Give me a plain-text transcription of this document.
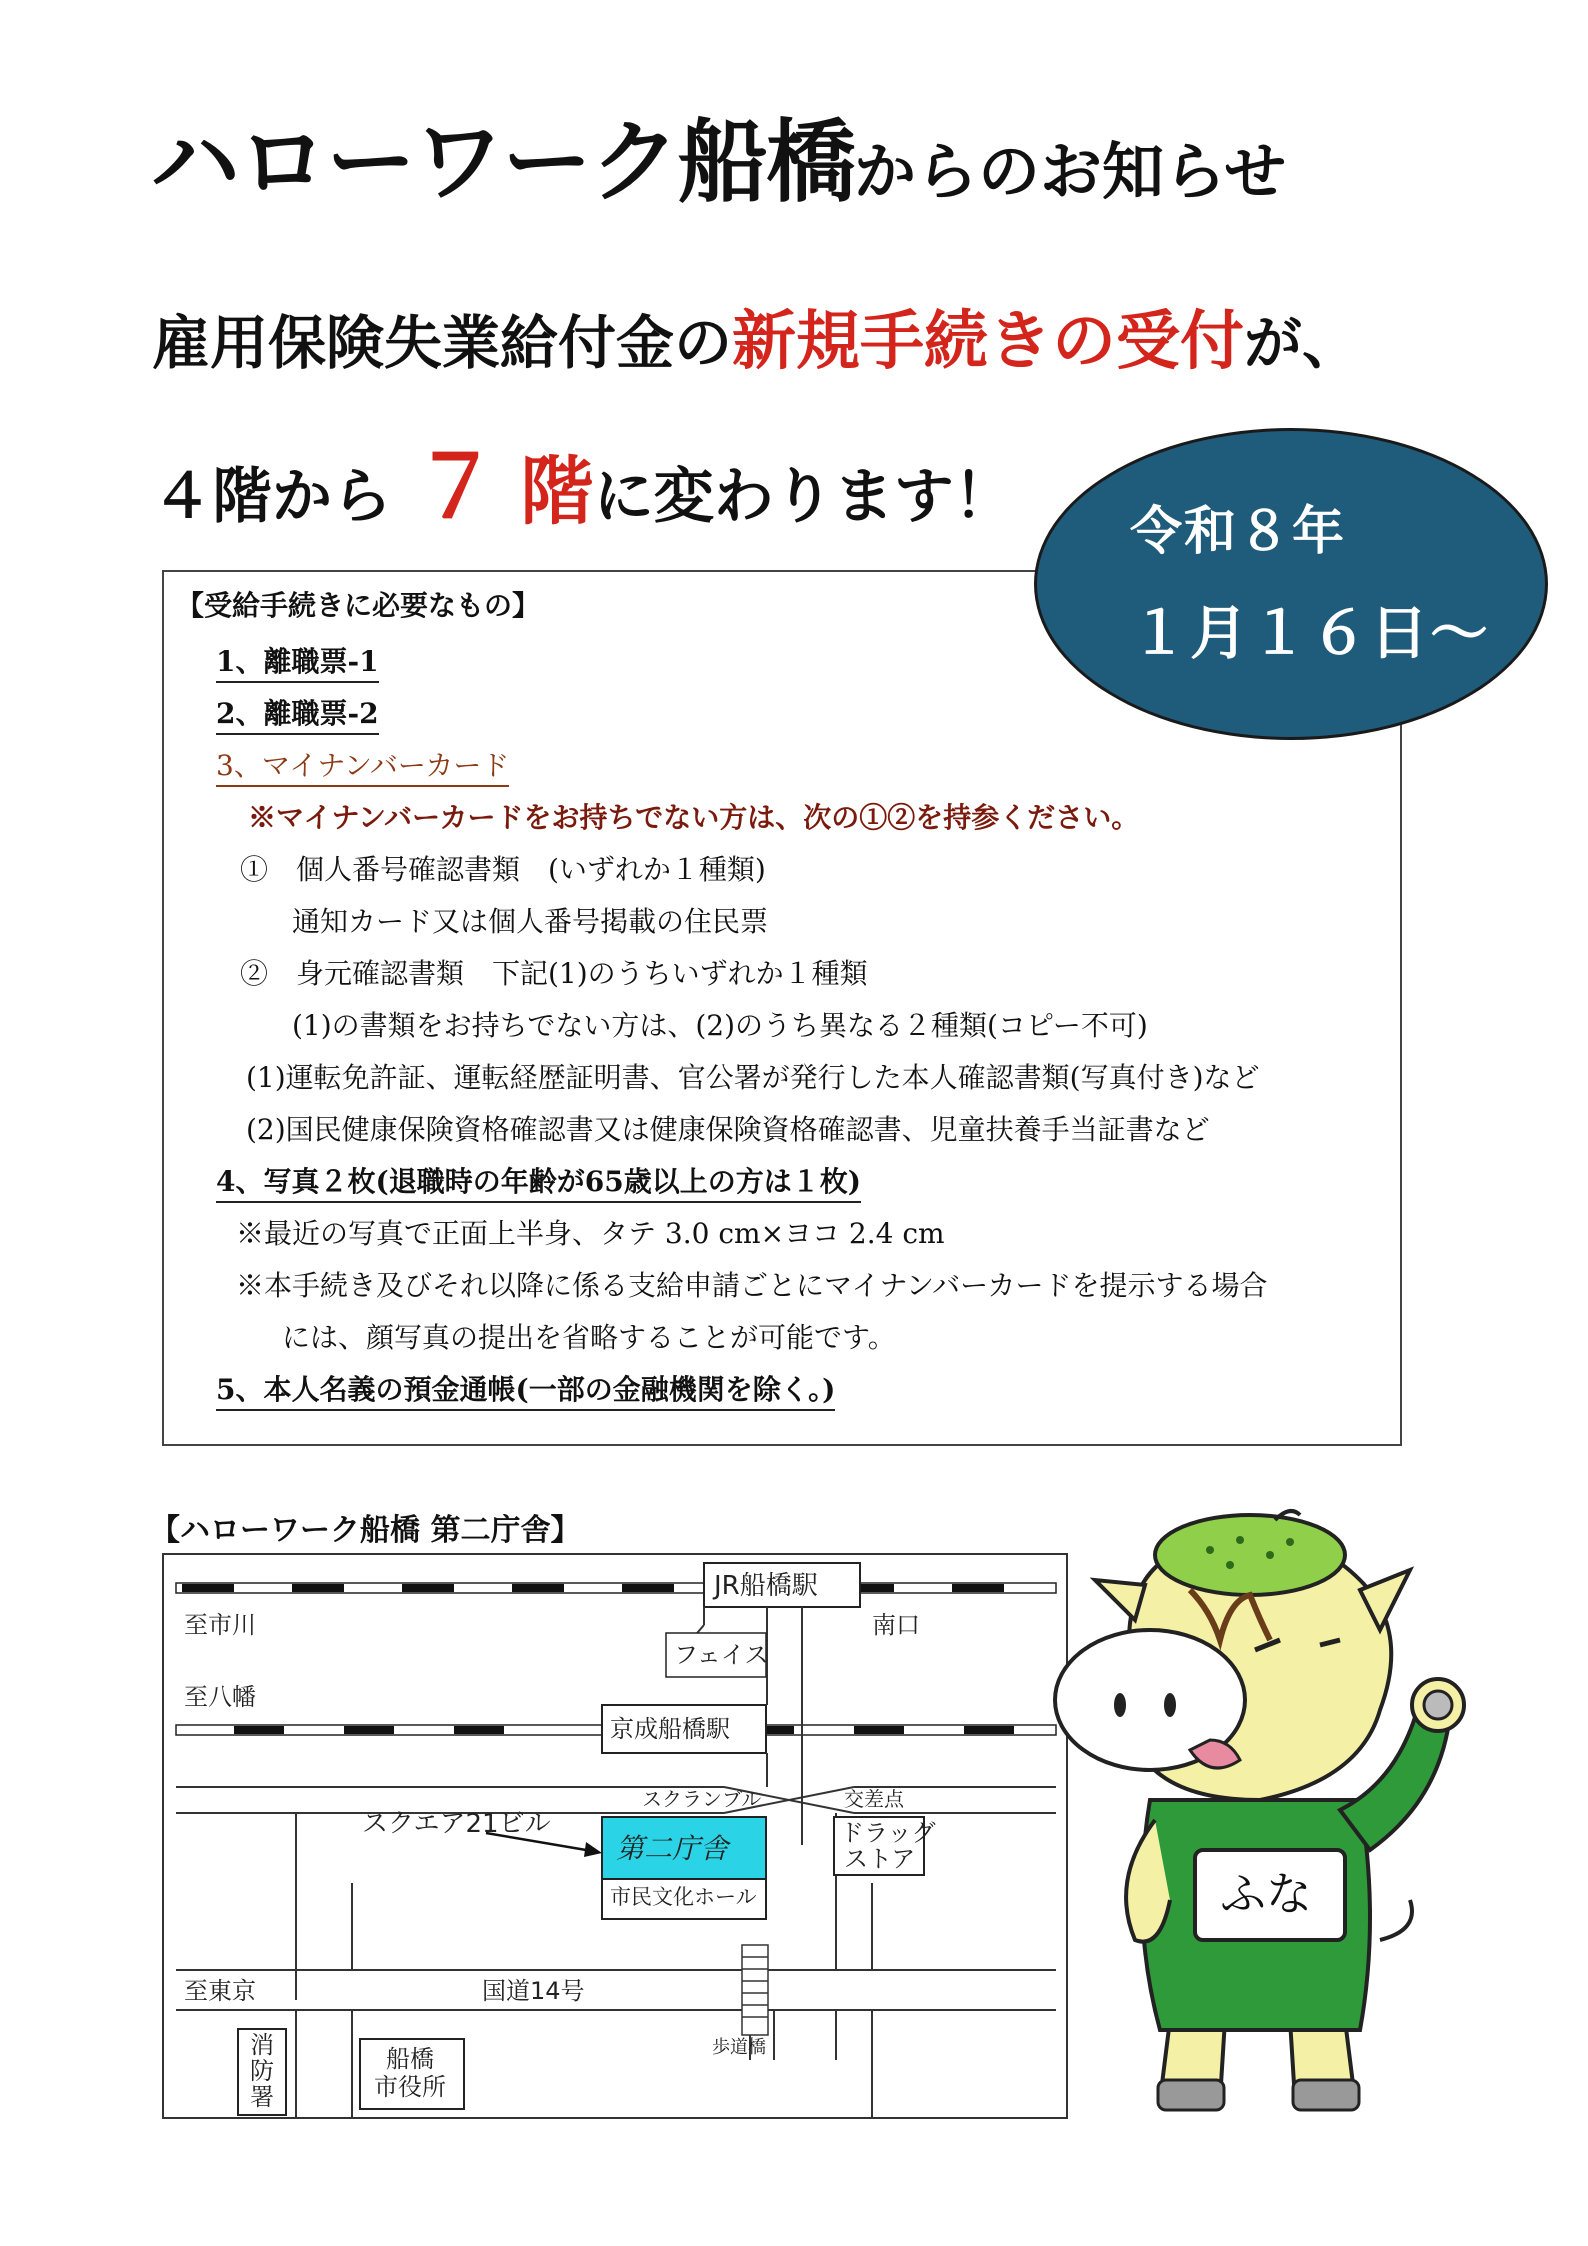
ハローワーク船橋からのお知らせ
雇用保険失業給付金の新規手続きの受付が、
４階から ７ 階に変わります！ 令和８年
１月１６日～
【受給手続きに必要なもの】
1、離職票-1
2、離職票-2
3、マイナンバーカード
※マイナンバーカードをお持ちでない方は、次の①②を持参ください。
①　個人番号確認書類　(いずれか１種類)
通知カード又は個人番号掲載の住民票
②　身元確認書類　下記(1)のうちいずれか１種類
(1)の書類をお持ちでない方は、(2)のうち異なる２種類(コピー不可)
(1)運転免許証、運転経歴証明書、官公署が発行した本人確認書類(写真付き)など
(2)国民健康保険資格確認書又は健康保険資格確認書、児童扶養手当証書など
4、写真２枚(退職時の年齢が65歳以上の方は１枚)
※最近の写真で正面上半身、タテ 3.0 cm×ヨコ 2.4 cm
※本手続き及びそれ以降に係る支給申請ごとにマイナンバーカードを提示する場合
には、顔写真の提出を省略することが可能です。
5、本人名義の預金通帳(一部の金融機関を除く。)
【ハローワーク船橋 第二庁舎】
JR船橋駅
至市川	南口
フェイス
至八幡
京成船橋駅
スクランブル	交差点
スクエア21ビル
第二庁舎	ドラッグ
ストア
市民文化ホール
至東京	国道14号
歩道橋
消
防
署
船橋
市役所
ふな
